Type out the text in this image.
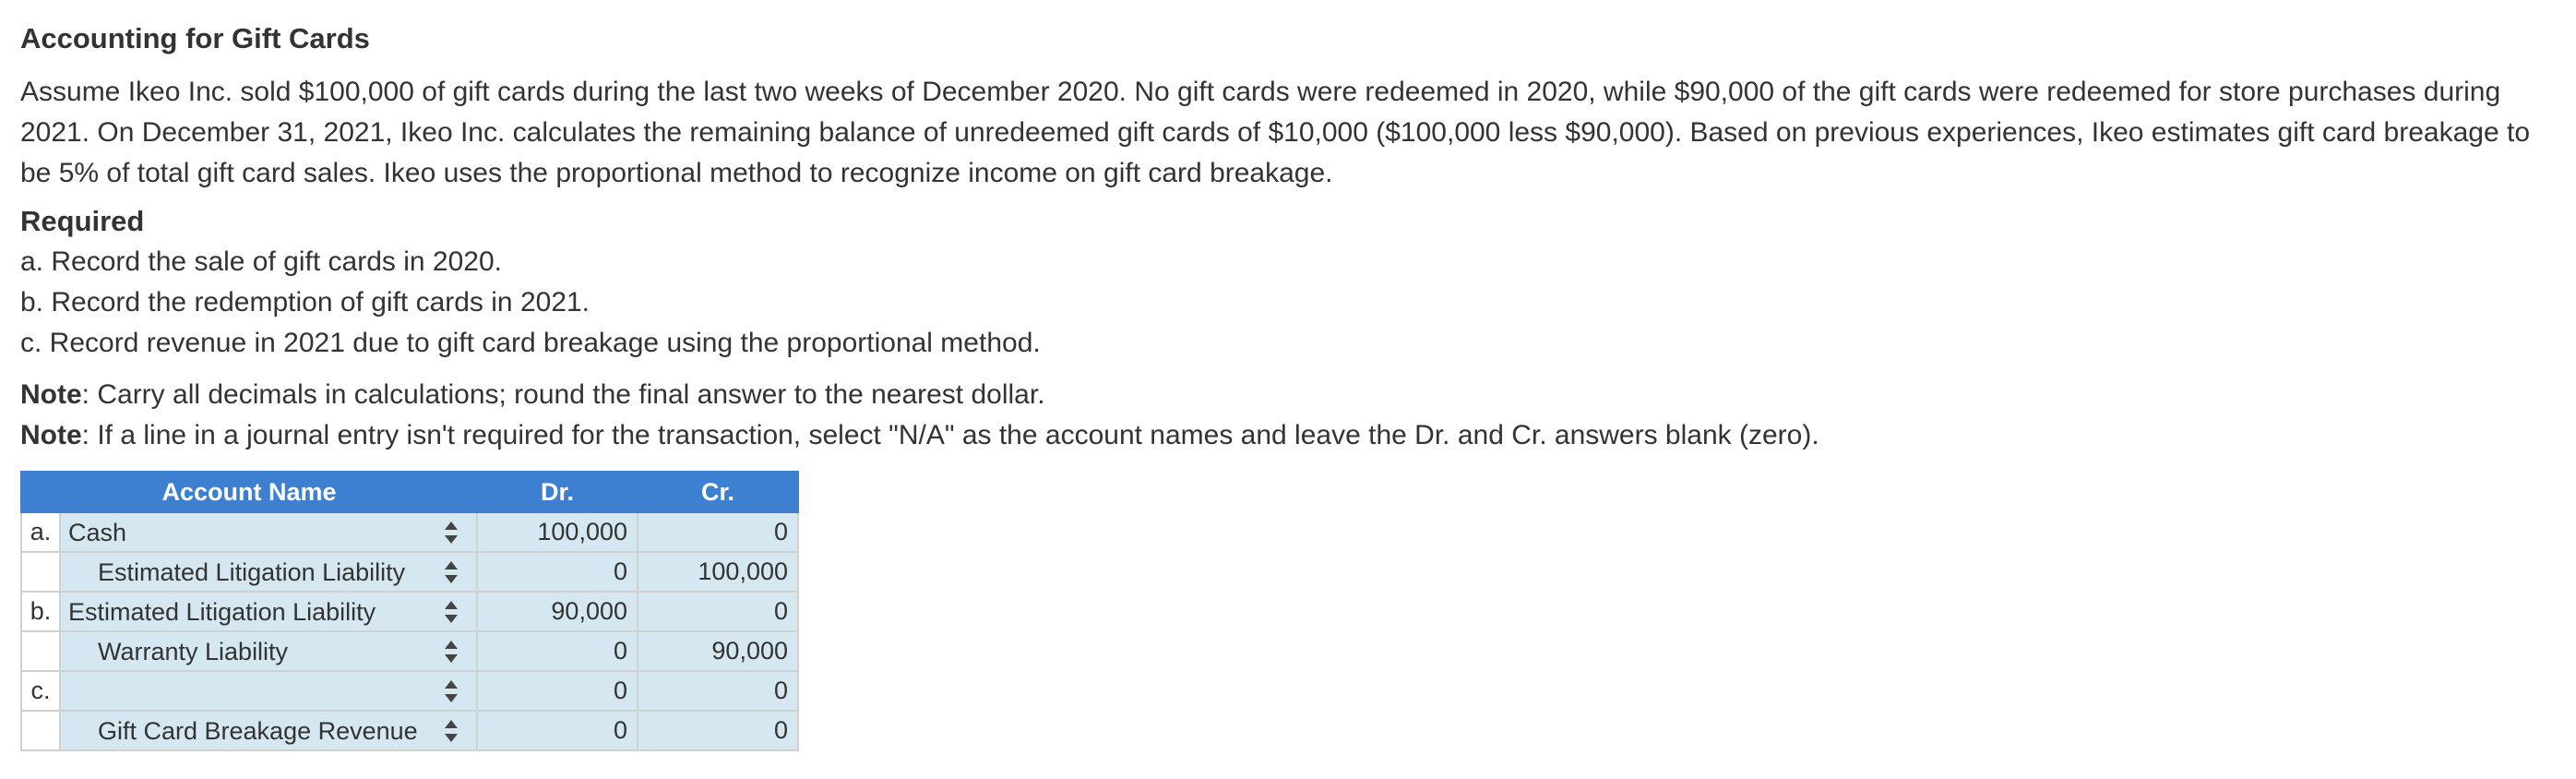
Accounting for Gift Cards
Assume Ikeo Inc. sold $100,000 of gift cards during the last two weeks of December 2020. No gift cards were redeemed in 2020, while $90,000 of the gift cards were redeemed for store purchases during 2021. On December 31, 2021, Ikeo Inc. calculates the remaining balance of unredeemed gift cards of $10,000 ($100,000 less $90,000). Based on previous experiences, Ikeo estimates gift card breakage to be 5% of total gift card sales. Ikeo uses the proportional method to recognize income on gift card breakage.
Required
a. Record the sale of gift cards in 2020.
b. Record the redemption of gift cards in 2021.
c. Record revenue in 2021 due to gift card breakage using the proportional method.
Note: Carry all decimals in calculations; round the final answer to the nearest dollar.
Note: If a line in a journal entry isn't required for the transaction, select "N/A" as the account names and leave the Dr. and Cr. answers blank (zero).
Account Name		Dr.	Cr.
a.	Cash	100,000	0
	Estimated Litigation Liability	0	100,000
b.	Estimated Litigation Liability	90,000	0
	Warranty Liability	0	90,000
c.		0	0
	Gift Card Breakage Revenue	0	0
